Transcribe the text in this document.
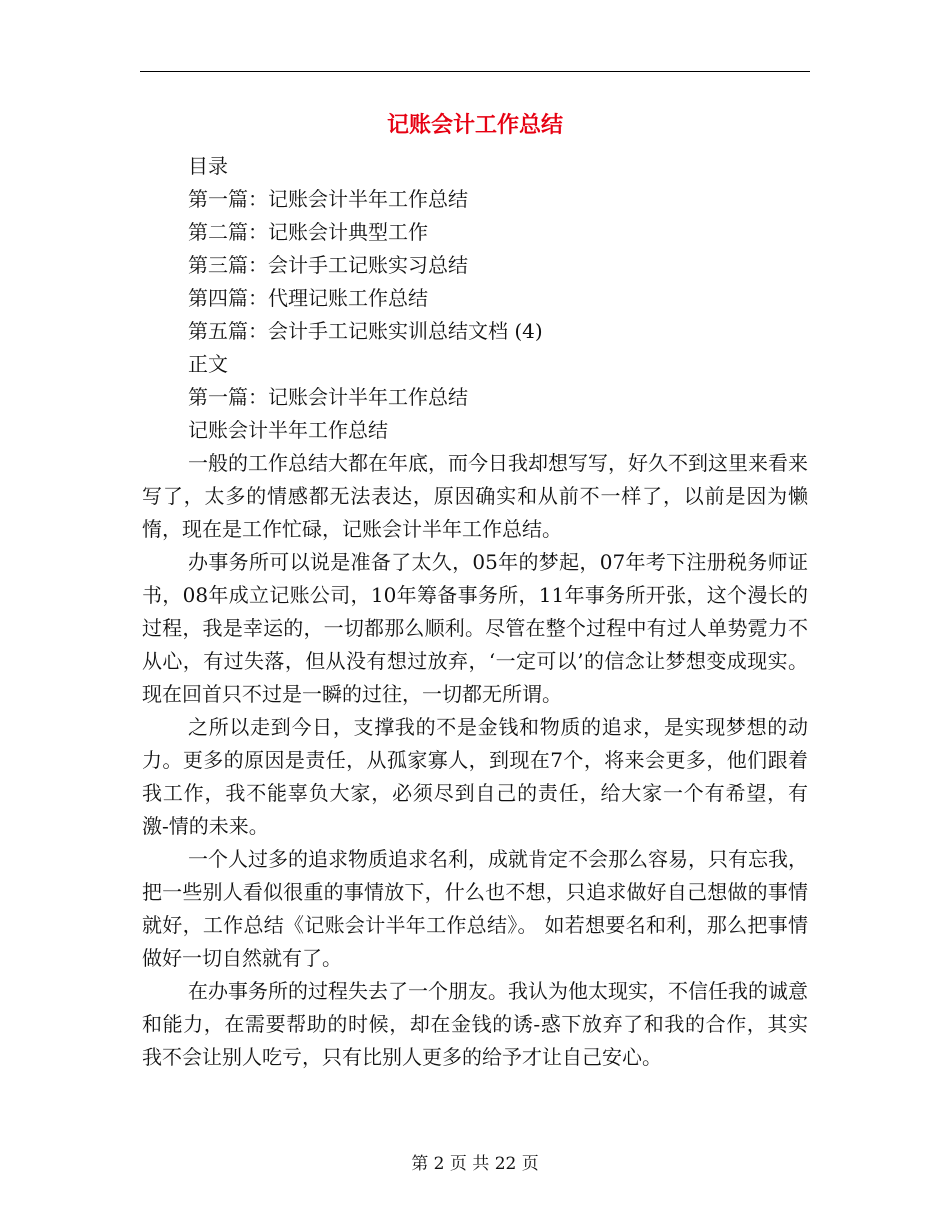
记账会计工作总结
目录
第一篇：记账会计半年工作总结
第二篇：记账会计典型工作
第三篇：会计手工记账实习总结
第四篇：代理记账工作总结
第五篇：会计手工记账实训总结文档 (4)
正文
第一篇：记账会计半年工作总结
记账会计半年工作总结

一般的工作总结大都在年底，而今日我却想写写，好久不到这里来看来写了，太多的情感都无法表达，原因确实和从前不一样了，以前是因为懒惰，现在是工作忙碌，记账会计半年工作总结。

办事务所可以说是准备了太久，05年的梦起，07年考下注册税务师证书，08年成立记账公司，10年筹备事务所，11年事务所开张，这个漫长的过程，我是幸运的，一切都那么顺利。尽管在整个过程中有过人单势霓力不从心，有过失落，但从没有想过放弃，‘一定可以’的信念让梦想变成现实。现在回首只不过是一瞬的过往，一切都无所谓。

之所以走到今日，支撑我的不是金钱和物质的追求，是实现梦想的动力。更多的原因是责任，从孤家寡人，到现在7个，将来会更多，他们跟着我工作，我不能辜负大家，必须尽到自己的责任，给大家一个有希望，有激-情的未来。

一个人过多的追求物质追求名利，成就肯定不会那么容易，只有忘我，把一些别人看似很重的事情放下，什么也不想，只追求做好自己想做的事情就好，工作总结《记账会计半年工作总结》。 如若想要名和利，那么把事情做好一切自然就有了。

在办事务所的过程失去了一个朋友。我认为他太现实，不信任我的诚意和能力，在需要帮助的时候，却在金钱的诱-惑下放弃了和我的合作，其实我不会让别人吃亏，只有比别人更多的给予才让自己安心。

第 2 页 共 22 页
